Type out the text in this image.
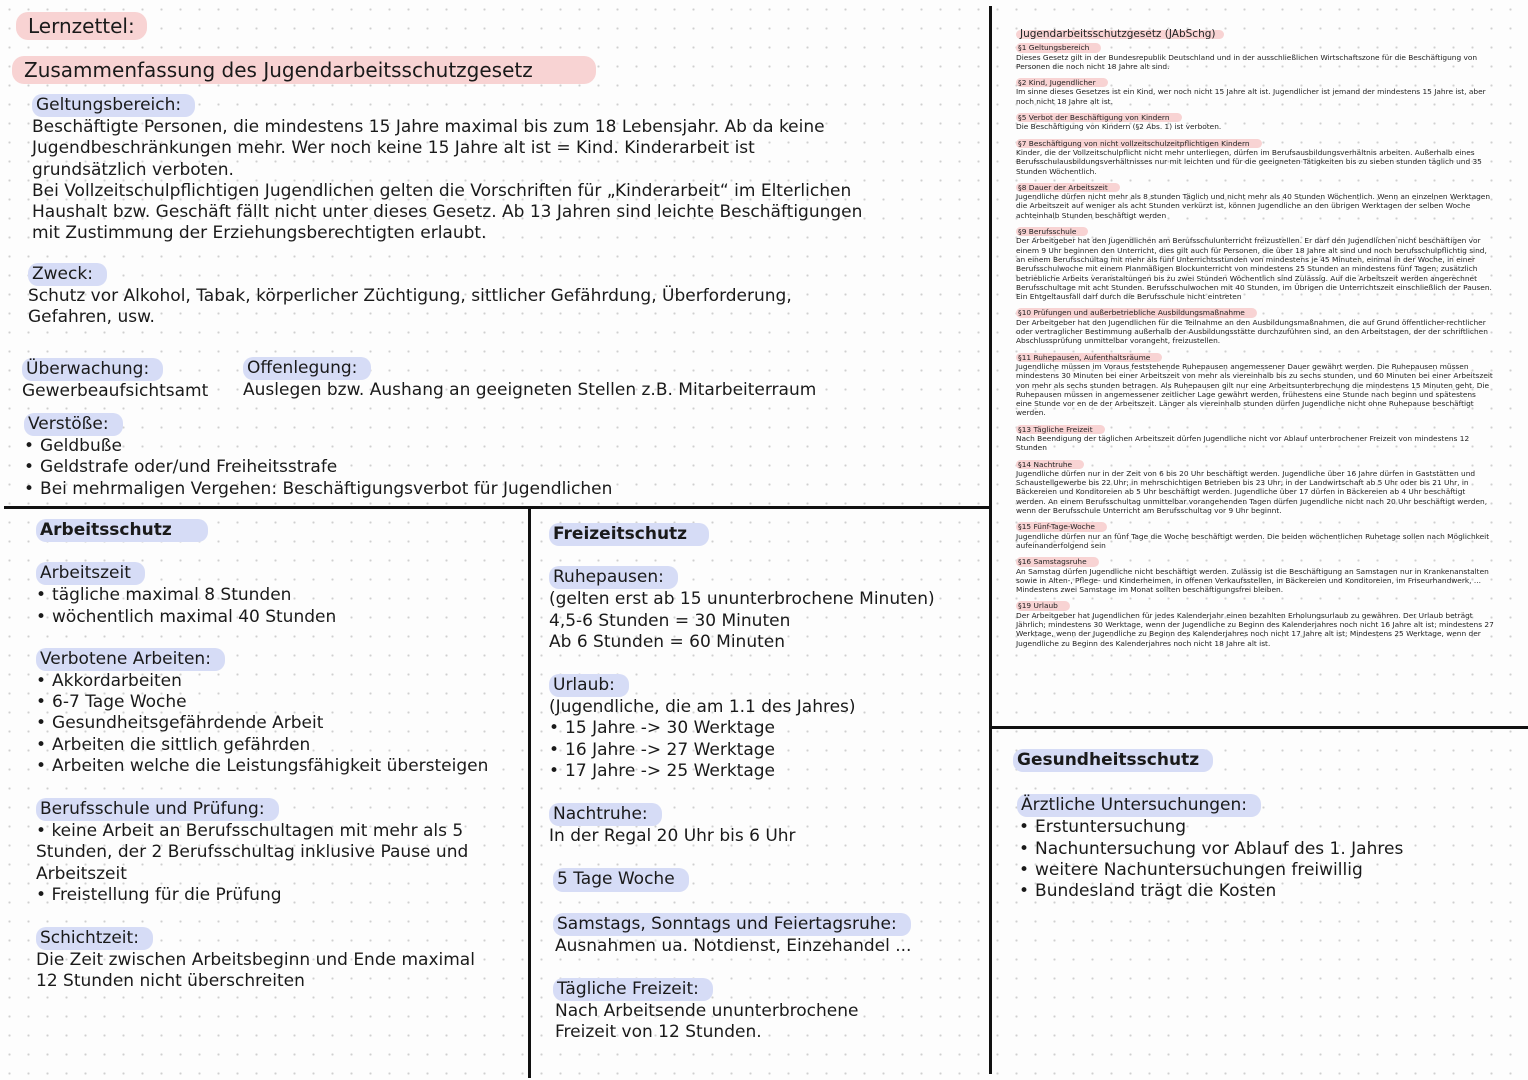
Lernzettel:
Zusammenfassung des Jugendarbeitsschutzgesetz
Geltungsbereich:

Beschäftigte Personen, die mindestens 15 Jahre maximal bis zum 18 Lebensjahr. Ab da keine

Jugendbeschränkungen mehr. Wer noch keine 15 Jahre alt ist = Kind. Kinderarbeit ist

grundsätzlich verboten.

Bei Vollzeitschulpflichtigen Jugendlichen gelten die Vorschriften für „Kinderarbeit“ im Elterlichen

Haushalt bzw. Geschäft fällt nicht unter dieses Gesetz. Ab 13 Jahren sind leichte Beschäftigungen

mit Zustimmung der Erziehungsberechtigten erlaubt.

Zweck:

Schutz vor Alkohol, Tabak, körperlicher Züchtigung, sittlicher Gefährdung, Überforderung,

Gefahren, usw.

Überwachung:

Gewerbeaufsichtsamt

Offenlegung:

Auslegen bzw. Aushang an geeigneten Stellen z.B. Mitarbeiterraum

Verstöße:
• Geldbuße
• Geldstrafe oder/und Freiheitsstrafe
• Bei mehrmaligen Vergehen: Beschäftigungsverbot für Jugendlichen
Arbeitsschutz
Arbeitszeit
• tägliche maximal 8 Stunden
• wöchentlich maximal 40 Stunden
Verbotene Arbeiten:
• Akkordarbeiten
• 6-7 Tage Woche
• Gesundheitsgefährdende Arbeit
• Arbeiten die sittlich gefährden
• Arbeiten welche die Leistungsfähigkeit übersteigen
Berufsschule und Prüfung:

• keine Arbeit an Berufsschultagen mit mehr als 5

Stunden, der 2 Berufsschultag inklusive Pause und

Arbeitszeit

• Freistellung für die Prüfung

Schichtzeit:

Die Zeit zwischen Arbeitsbeginn und Ende maximal

12 Stunden nicht überschreiten

Freizeitschutz
Ruhepausen:

(gelten erst ab 15 ununterbrochene Minuten)

4,5-6 Stunden = 30 Minuten

Ab 6 Stunden = 60 Minuten

Urlaub:

(Jugendliche, die am 1.1 des Jahres)

• 15 Jahre -> 30 Werktage
• 16 Jahre -> 27 Werktage
• 17 Jahre -> 25 Werktage
Nachtruhe:

In der Regal 20 Uhr bis 6 Uhr

5 Tage Woche
Samstags, Sonntags und Feiertagsruhe:

Ausnahmen ua. Notdienst, Einzehandel ...

Tägliche Freizeit:

Nach Arbeitsende ununterbrochene

Freizeit von 12 Stunden.

Gesundheitsschutz
Ärztliche Untersuchungen:
• Erstuntersuchung
• Nachuntersuchung vor Ablauf des 1. Jahres
• weitere Nachuntersuchungen freiwillig
• Bundesland trägt die Kosten
Jugendarbeitsschutzgesetz (JAbSchg)
§1 Geltungsbereich

Dieses Gesetz gilt in der Bundesrepublik Deutschland und in der ausschließlichen Wirtschaftszone für die Beschäftigung von Personen die noch nicht 18 Jahre alt sind.

§2 Kind, Jugendlicher

Im sinne dieses Gesetzes ist ein Kind, wer noch nicht 15 Jahre alt ist. Jugendlicher ist jemand der mindestens 15 Jahre ist, aber noch nicht 18 Jahre alt ist.

§5 Verbot der Beschäftigung von Kindern

Die Beschäftigung von Kindern (§2 Abs. 1) ist verboten.

§7 Beschäftigung von nicht vollzeitschulzeitpflichtigen Kindern

Kinder, die der Vollzeitschulpflicht nicht mehr unterliegen, dürfen im Berufsausbildungsverhältnis arbeiten. Außerhalb eines Berufsschulausbildungsverhältnisses nur mit leichten und für die geeigneten Tätigkeiten bis zu sieben stunden täglich und 35 Stunden Wöchentlich.

§8 Dauer der Arbeitszeit

Jugendliche dürfen nicht mehr als 8 stunden Täglich und nicht mehr als 40 Stunden Wöchentlich. Wenn an einzelnen Werktagen die Arbeitszeit auf weniger als acht Stunden verkürzt ist, können Jugendliche an den übrigen Werktagen der selben Woche achteinhalb Stunden beschäftigt werden

§9 Berufsschule

Der Arbeitgeber hat den Jugendlichen am Berufsschulunterricht freizustellen. Er darf den Jugendlichen nicht beschäftigen vor einem 9 Uhr beginnen den Unterricht, dies gilt auch für Personen, die über 18 Jahre alt sind und noch berufsschulpflichtig sind, an einem Berufsschultag mit mehr als fünf Unterrichtsstunden von mindestens je 45 Minuten, einmal in der Woche, in einer Berufsschulwoche mit einem Planmäßigen Blockunterricht von mindestens 25 Stunden an mindestens fünf Tagen; zusätzlich betriebliche Arbeits veranstaltungen bis zu zwei Stunden Wöchentlich sind Zulässig. Auf die Arbeitszeit werden angerechnet Berufsschultage mit acht Stunden. Berufsschulwochen mit 40 Stunden, im Übrigen die Unterrichtszeit einschließlich der Pausen. Ein Entgeltausfall darf durch die Berufsschule nicht eintreten

§10 Prüfungen und außerbetriebliche Ausbildungsmaßnahme

Der Arbeitgeber hat den Jugendlichen für die Teilnahme an den Ausbildungsmaßnahmen, die auf Grund öffentlicher-rechtlicher oder vertraglicher Bestimmung außerhalb der Ausbildungsstätte durchzuführen sind, an den Arbeitstagen, der der schriftlichen Abschlussprüfung unmittelbar vorangeht, freizustellen.

§11 Ruhepausen, Aufenthaltsräume

Jugendliche müssen im Voraus feststehende Ruhepausen angemessener Dauer gewährt werden. Die Ruhepausen müssen mindestens 30 Minuten bei einer Arbeitszeit von mehr als viereinhalb bis zu sechs stunden, und 60 Minuten bei einer Arbeitszeit von mehr als sechs stunden betragen. Als Ruhepausen gilt nur eine Arbeitsunterbrechung die mindestens 15 Minuten geht. Die Ruhepausen müssen in angemessener zeitlicher Lage gewährt werden, frühestens eine Stunde nach beginn und spätestens eine Stunde vor en de der Arbeitszeit. Länger als viereinhalb stunden dürfen Jugendliche nicht ohne Ruhepause beschäftigt werden.

§13 Tägliche Freizeit

Nach Beendigung der täglichen Arbeitszeit dürfen Jugendliche nicht vor Ablauf unterbrochener Freizeit von mindestens 12 Stunden

§14 Nachtruhe

Jugendliche dürfen nur in der Zeit von 6 bis 20 Uhr beschäftigt werden. Jugendliche über 16 Jahre dürfen in Gaststätten und Schaustellgewerbe bis 22 Uhr; in mehrschichtigen Betrieben bis 23 Uhr; in der Landwirtschaft ab 5 Uhr oder bis 21 Uhr, in Bäckereien und Konditoreien ab 5 Uhr beschäftigt werden. Jugendliche über 17 dürfen in Bäckereien ab 4 Uhr beschäftigt werden. An einem Berufsschultag unmittelbar vorangehenden Tagen dürfen Jugendliche nicht nach 20 Uhr beschäftigt werden, wenn der Berufsschule Unterricht am Berufsschultag vor 9 Uhr beginnt.

§15 Fünf-Tage-Woche

Jugendliche dürfen nur an fünf Tage die Woche beschäftigt werden. Die beiden wöchentlichen Ruhetage sollen nach Möglichkeit aufeinanderfolgend sein

§16 Samstagsruhe

An Samstag dürfen Jugendliche nicht beschäftigt werden. Zulässig ist die Beschäftigung an Samstagen nur in Krankenanstalten sowie in Alten-, Pflege- und Kinderheimen, in offenen Verkaufsstellen, in Bäckereien und Konditoreien, im Friseurhandwerk, ... Mindestens zwei Samstage im Monat sollten beschäftigungsfrei bleiben.

§19 Urlaub

Der Arbeitgeber hat Jugendlichen für jedes Kalenderjahr einen bezahlten Erholungsurlaub zu gewähren. Der Urlaub beträgt Jährlich; mindestens 30 Werktage, wenn der Jugendliche zu Beginn des Kalenderjahres noch nicht 16 Jahre alt ist; mindestens 27 Werktage, wenn der Jugendliche zu Beginn des Kalenderjahres noch nicht 17 Jahre alt ist; Mindestens 25 Werktage, wenn der Jugendliche zu Beginn des Kalenderjahres noch nicht 18 Jahre alt ist.
